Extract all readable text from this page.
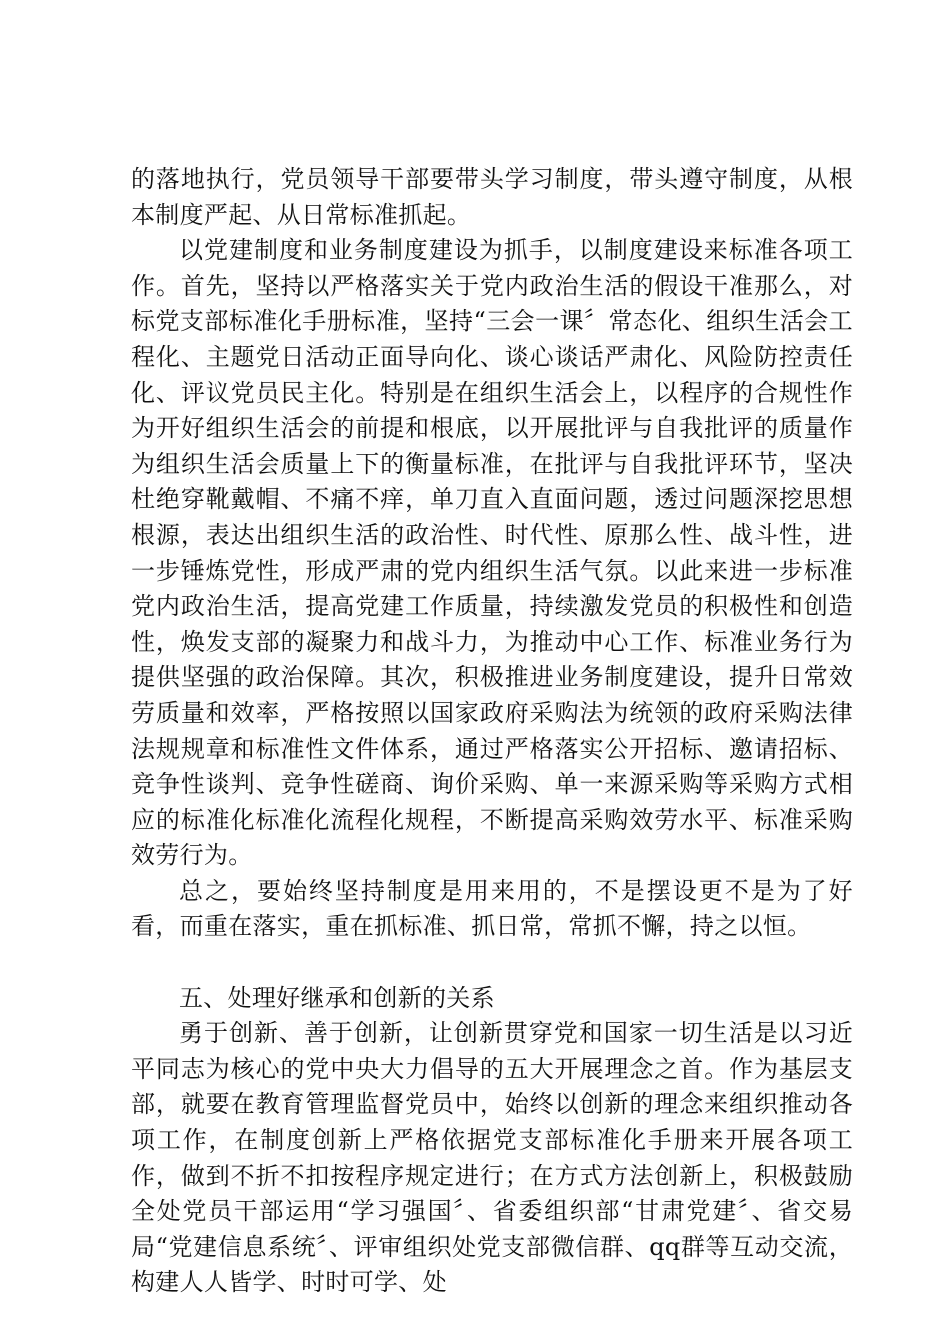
的落地执行，党员领导干部要带头学习制度，带头遵守制度，从根本制度严起、从日常标准抓起。

以党建制度和业务制度建设为抓手，以制度建设来标准各项工作。首先，坚持以严格落实关于党内政治生活的假设干准那么，对标党支部标准化手册标准，坚持“三会一课〞常态化、组织生活会工程化、主题党日活动正面导向化、谈心谈话严肃化、风险防控责任化、评议党员民主化。特别是在组织生活会上，以程序的合规性作为开好组织生活会的前提和根底，以开展批评与自我批评的质量作为组织生活会质量上下的衡量标准，在批评与自我批评环节，坚决杜绝穿靴戴帽、不痛不痒，单刀直入直面问题，透过问题深挖思想根源，表达出组织生活的政治性、时代性、原那么性、战斗性，进一步锤炼党性，形成严肃的党内组织生活气氛。以此来进一步标准党内政治生活，提高党建工作质量，持续激发党员的积极性和创造性，焕发支部的凝聚力和战斗力，为推动中心工作、标准业务行为提供坚强的政治保障。其次，积极推进业务制度建设，提升日常效劳质量和效率，严格按照以国家政府采购法为统领的政府采购法律法规规章和标准性文件体系，通过严格落实公开招标、邀请招标、竞争性谈判、竞争性磋商、询价采购、单一来源采购等采购方式相应的标准化标准化流程化规程，不断提高采购效劳水平、标准采购效劳行为。

总之，要始终坚持制度是用来用的，不是摆设更不是为了好看，而重在落实，重在抓标准、抓日常，常抓不懈，持之以恒。

五、处理好继承和创新的关系

勇于创新、善于创新，让创新贯穿党和国家一切生活是以习近平同志为核心的党中央大力倡导的五大开展理念之首。作为基层支部，就要在教育管理监督党员中，始终以创新的理念来组织推动各项工作，在制度创新上严格依据党支部标准化手册来开展各项工作，做到不折不扣按程序规定进行；在方式方法创新上，积极鼓励全处党员干部运用“学习强国〞、省委组织部“甘肃党建〞、省交易局“党建信息系统〞、评审组织处党支部微信群、qq群等互动交流，构建人人皆学、时时可学、处
